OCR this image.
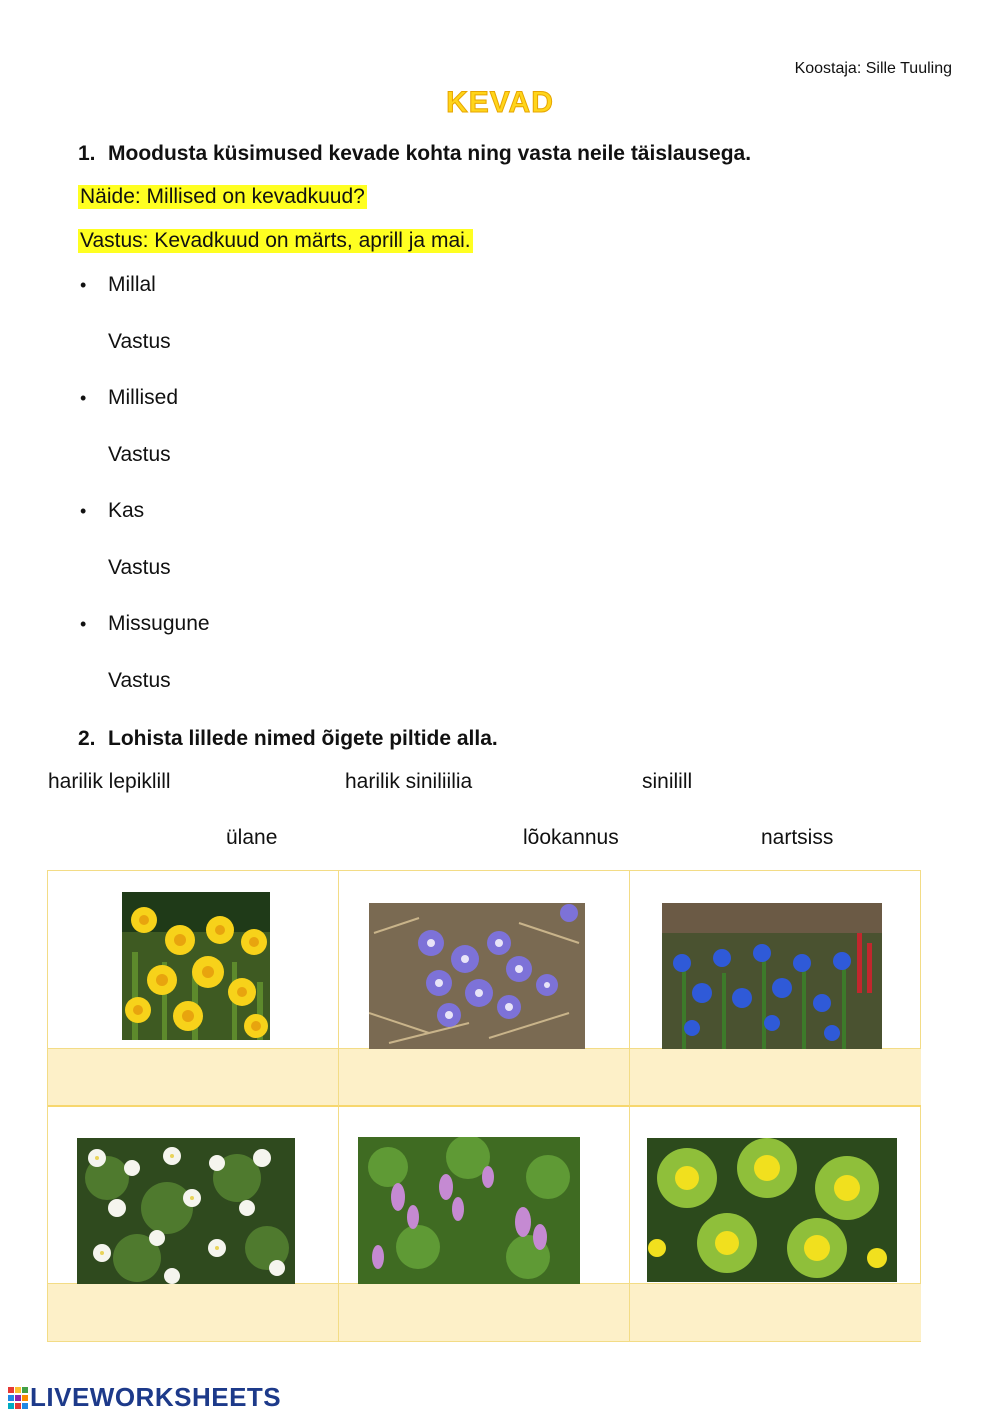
Koostaja: Sille Tuuling
KEVAD
1. Moodusta küsimused kevade kohta ning vasta neile täislausega.
Näide: Millised on kevadkuud?
Vastus: Kevadkuud on märts, aprill ja mai.
• Millal
Vastus
• Millised
Vastus
• Kas
Vastus
• Missugune
Vastus
2. Lohista lillede nimed õigete piltide alla.
harilik lepiklill	harilik siniliilia	sinilill
ülane	lõokannus	nartsiss
LIVEWORKSHEETS
